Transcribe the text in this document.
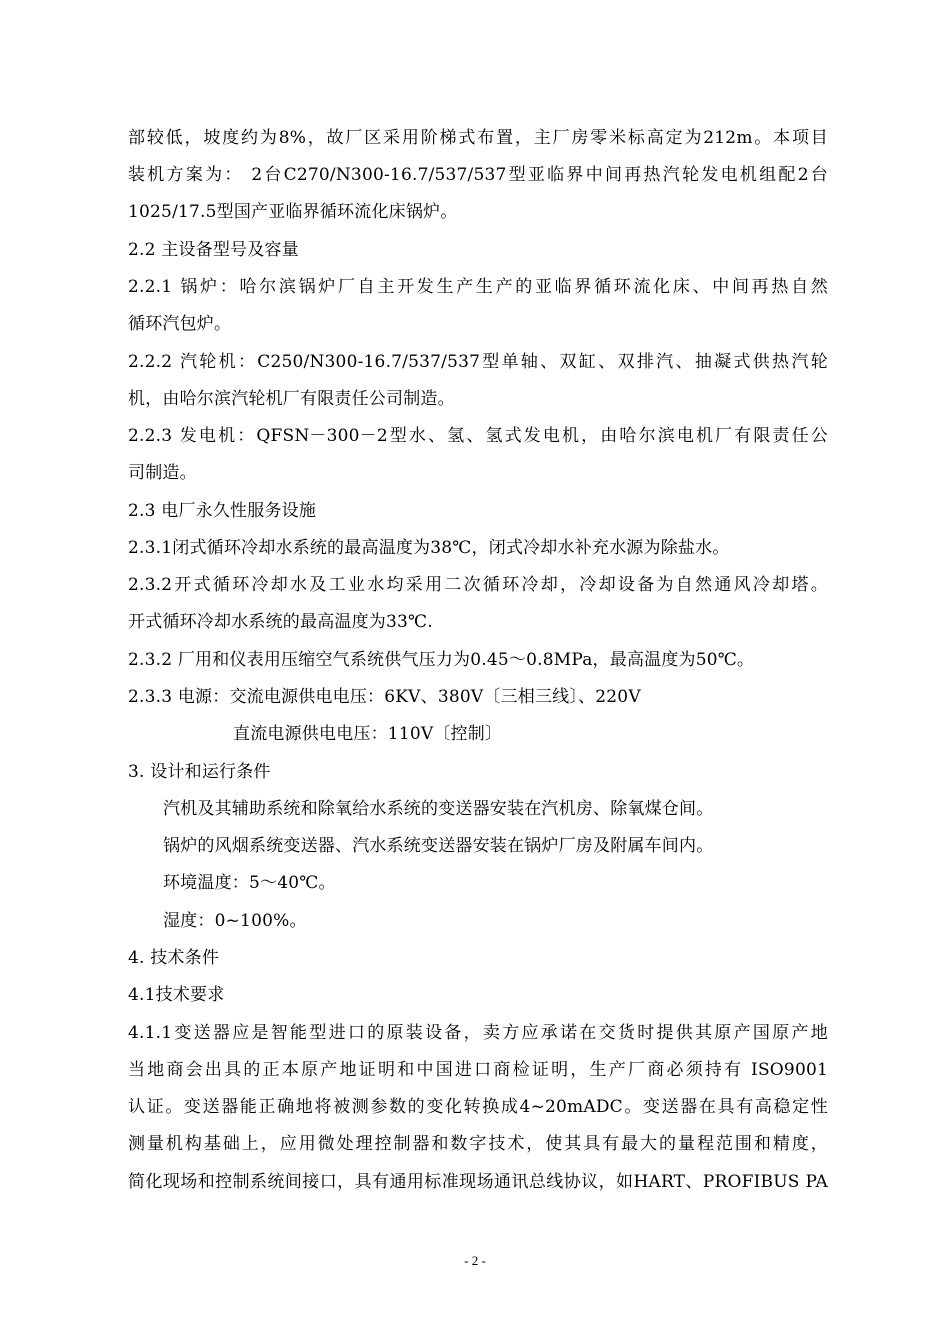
部较低，坡度约为8%，故厂区采用阶梯式布置，主厂房零米标高定为212m。本项目
装机方案为： 2台C270/N300-16.7/537/537型亚临界中间再热汽轮发电机组配2台
1025/17.5型国产亚临界循环流化床锅炉。
2.2 主设备型号及容量
2.2.1 锅炉：哈尔滨锅炉厂自主开发生产生产的亚临界循环流化床、中间再热自然
循环汽包炉。
2.2.2 汽轮机：C250/N300-16.7/537/537型单轴、双缸、双排汽、抽凝式供热汽轮
机，由哈尔滨汽轮机厂有限责任公司制造。
2.2.3 发电机：QFSN－300－2型水、氢、氢式发电机，由哈尔滨电机厂有限责任公
司制造。
2.3 电厂永久性服务设施
2.3.1闭式循环冷却水系统的最高温度为38℃，闭式冷却水补充水源为除盐水。
2.3.2开式循环冷却水及工业水均采用二次循环冷却，冷却设备为自然通风冷却塔。
开式循环冷却水系统的最高温度为33℃.
2.3.2 厂用和仪表用压缩空气系统供气压力为0.45～0.8MPa，最高温度为50℃。
2.3.3 电源：交流电源供电电压：6KV、380V〔三相三线〕、220V
直流电源供电电压：110V〔控制〕
3. 设计和运行条件
汽机及其辅助系统和除氧给水系统的变送器安装在汽机房、除氧煤仓间。
锅炉的风烟系统变送器、汽水系统变送器安装在锅炉厂房及附属车间内。
环境温度：5～40℃。
湿度：0~100%。
4. 技术条件
4.1技术要求
4.1.1变送器应是智能型进口的原装设备，卖方应承诺在交货时提供其原产国原产地
当地商会出具的正本原产地证明和中国进口商检证明，生产厂商必须持有 ISO9001
认证。变送器能正确地将被测参数的变化转换成4~20mADC。变送器在具有高稳定性
测量机构基础上，应用微处理控制器和数字技术，使其具有最大的量程范围和精度，
简化现场和控制系统间接口，具有通用标准现场通讯总线协议，如HART、PROFIBUS PA
- 2 -
